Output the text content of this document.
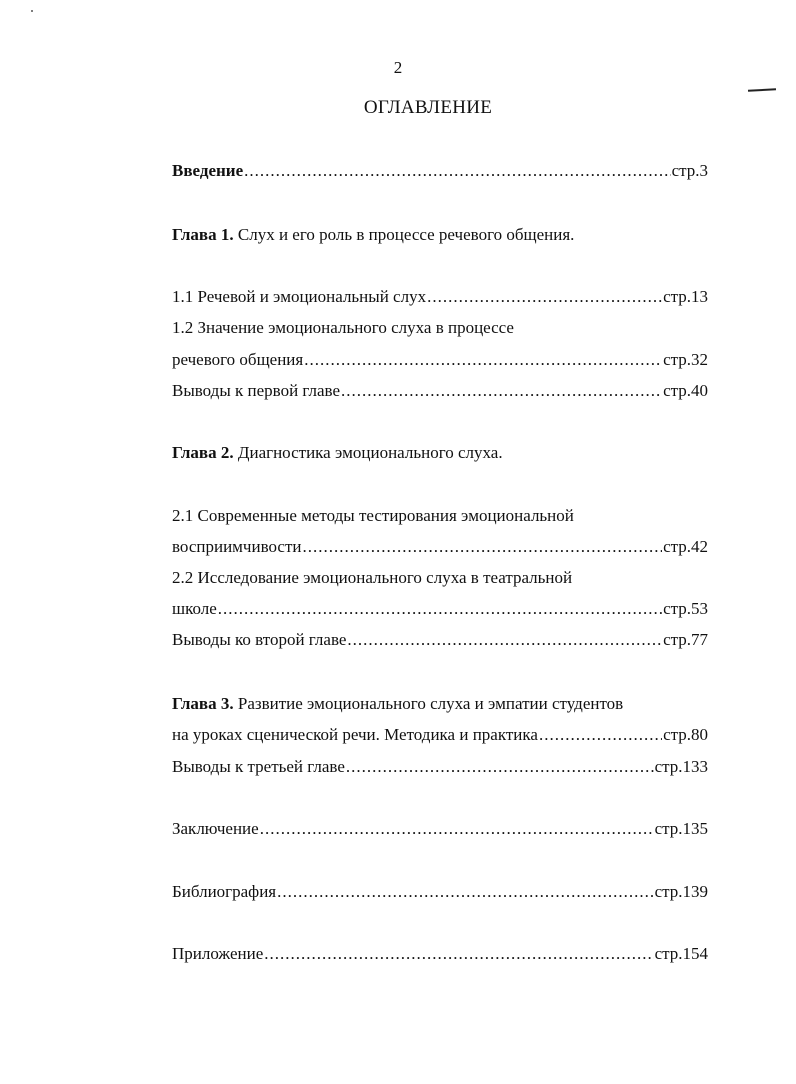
2
ОГЛАВЛЕНИЕ
Введение .....	стр.3
Глава 1. Слух и его роль в процессе речевого общения.
1.1 Речевой и эмоциональный слух .....	стр.13
1.2 Значение эмоционального слуха в процессе
речевого общения .....	стр.32
Выводы к первой главе .....	стр.40
Глава 2. Диагностика эмоционального слуха.
2.1 Современные методы тестирования эмоциональной
восприимчивости .....	стр.42
2.2 Исследование эмоционального слуха в театральной
школе .....	стр.53
Выводы ко второй главе .....	стр.77
Глава 3. Развитие эмоционального слуха и эмпатии студентов
на уроках сценической речи. Методика и практика .....	стр.80
Выводы к третьей главе .....	стр.133
Заключение .....	стр.135
Библиография .....	стр.139
Приложение .....	стр.154
